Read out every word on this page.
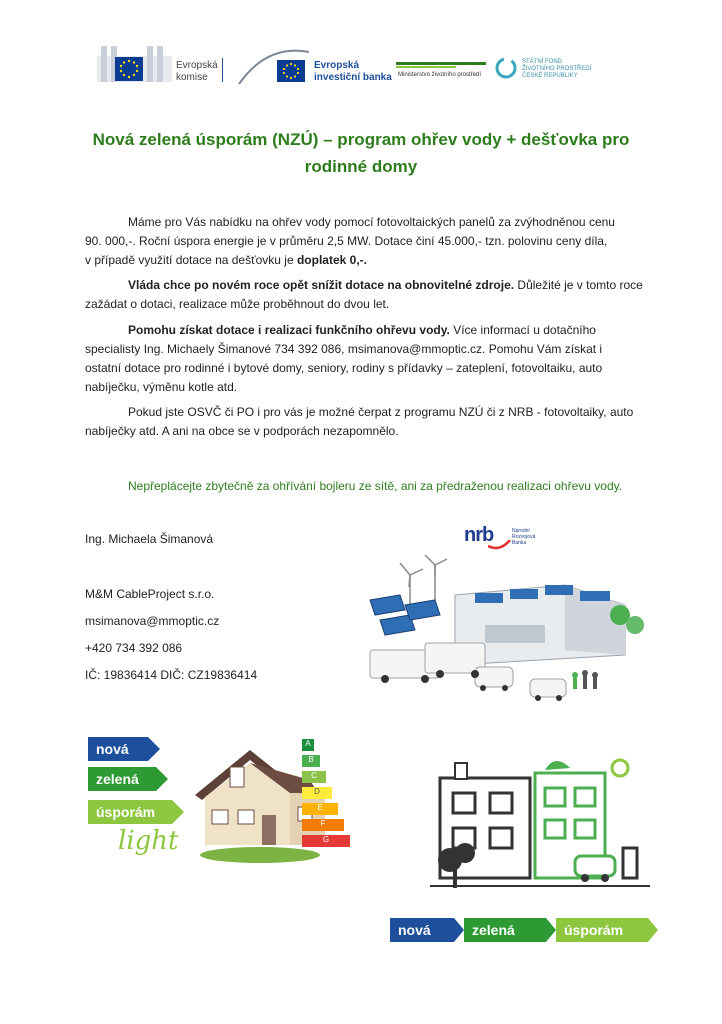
Evropská
komise
Evropská
investiční banka Ministerstvo životního prostředí
STÁTNÍ FOND
ŽIVOTNÍHO PROSTŘEDÍ
ČESKÉ REPUBLIKY
Nová zelená úsporám (NZÚ) – program ohřev vody + dešťovka pro
rodinné domy
Máme pro Vás nabídku na ohřev vody pomocí fotovoltaických panelů za zvýhodněnou cenu
90. 000,-. Roční úspora energie je v průměru 2,5 MW. Dotace činí 45.000,- tzn. polovinu ceny díla,
v případě využití dotace na dešťovku je doplatek 0,-.
Vláda chce po novém roce opět snížit dotace na obnovitelné zdroje. Důležité je v tomto roce
zažádat o dotaci, realizace může proběhnout do dvou let.
Pomohu získat dotace i realizaci funkčního ohřevu vody. Více informací u dotačního
specialisty Ing. Michaely Šimanové 734 392 086, msimanova@mmoptic.cz. Pomohu Vám získat i
ostatní dotace pro rodinné i bytové domy, seniory, rodiny s přídavky – zateplení, fotovoltaiku, auto
nabíječku, výměnu kotle atd.
Pokud jste OSVČ či PO i pro vás je možné čerpat z programu NZÚ či z NRB - fotovoltaiky, auto
nabíječky atd. A ani na obce se v podporách nezapomnělo.
Nepřeplácejte zbytečně za ohřívání bojleru ze sítě, ani za předraženou realizaci ohřevu vody.
Ing. Michaela Šimanová
M&M CableProject s.r.o.
msimanova@mmoptic.cz
+420 734 392 086
IČ: 19836414 DIČ: CZ19836414
nrb	Národní
Rozvojová
Banka
nová
zelená
úsporám
light
A
B
C
D
E
F
G
nová	zelená	úsporám
